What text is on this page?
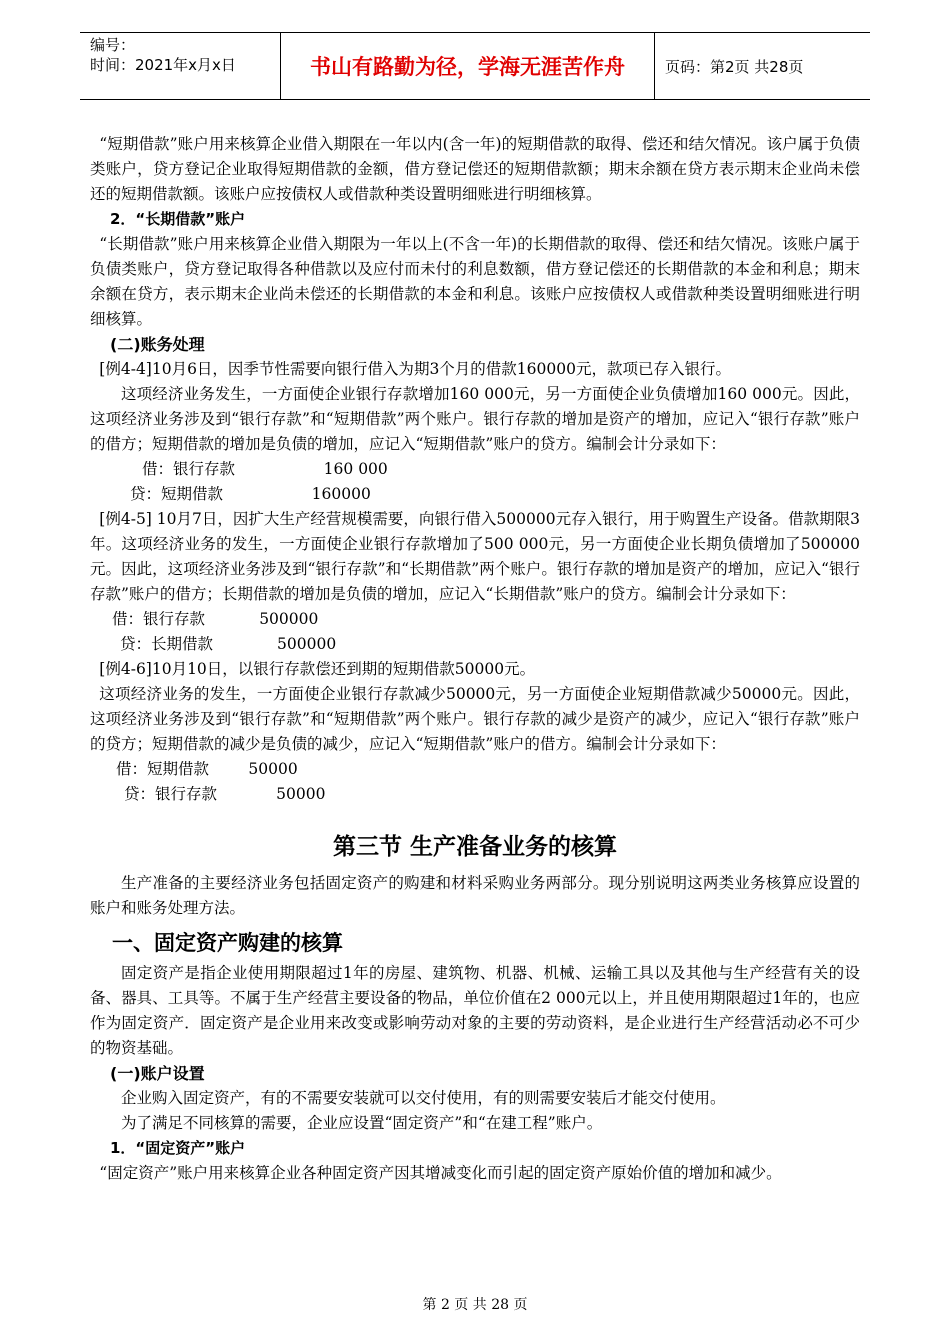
编号：
时间：2021年x月x日	书山有路勤为径，学海无涯苦作舟	页码：第2页 共28页

“短期借款”账户用来核算企业借入期限在一年以内(含一年)的短期借款的取得、偿还和结欠情况。该户属于负债类账户，贷方登记企业取得短期借款的金额，借方登记偿还的短期借款额；期末余额在贷方表示期末企业尚未偿还的短期借款额。该账户应按债权人或借款种类设置明细账进行明细核算。

2．“长期借款”账户

“长期借款”账户用来核算企业借入期限为一年以上(不含一年)的长期借款的取得、偿还和结欠情况。该账户属于负债类账户，贷方登记取得各种借款以及应付而未付的利息数额，借方登记偿还的长期借款的本金和利息；期末余额在贷方，表示期末企业尚未偿还的长期借款的本金和利息。该账户应按债权人或借款种类设置明细账进行明细核算。

(二)账务处理

[例4-4]10月6日，因季节性需要向银行借入为期3个月的借款160000元，款项已存入银行。

这项经济业务发生，一方面使企业银行存款增加160 000元，另一方面使企业负债增加160 000元。因此，这项经济业务涉及到“银行存款”和“短期借款”两个账户。银行存款的增加是资产的增加，应记入“银行存款”账户的借方；短期借款的增加是负债的增加，应记入“短期借款”账户的贷方。编制会计分录如下：

借：银行存款                  160 000

贷：短期借款                  160000

[例4-5] 10月7日，因扩大生产经营规模需要，向银行借入500000元存入银行，用于购置生产设备。借款期限3年。这项经济业务的发生，一方面使企业银行存款增加了500 000元，另一方面使企业长期负债增加了500000元。因此，这项经济业务涉及到“银行存款”和“长期借款”两个账户。银行存款的增加是资产的增加，应记入“银行存款”账户的借方；长期借款的增加是负债的增加，应记入“长期借款”账户的贷方。编制会计分录如下：

借：银行存款           500000

贷：长期借款             500000

[例4-6]10月10日，以银行存款偿还到期的短期借款50000元。

这项经济业务的发生，一方面使企业银行存款减少50000元，另一方面使企业短期借款减少50000元。因此，这项经济业务涉及到“银行存款”和“短期借款”两个账户。银行存款的减少是资产的减少，应记入“银行存款”账户的贷方；短期借款的减少是负债的减少，应记入“短期借款”账户的借方。编制会计分录如下：

借：短期借款        50000

贷：银行存款            50000

第三节 生产准备业务的核算

生产准备的主要经济业务包括固定资产的购建和材料采购业务两部分。现分别说明这两类业务核算应设置的账户和账务处理方法。

一、固定资产购建的核算

固定资产是指企业使用期限超过1年的房屋、建筑物、机器、机械、运输工具以及其他与生产经营有关的设备、器具、工具等。不属于生产经营主要设备的物品，单位价值在2 000元以上，并且使用期限超过1年的，也应作为固定资产．固定资产是企业用来改变或影响劳动对象的主要的劳动资料，是企业进行生产经营活动必不可少的物资基础。

(一)账户设置

企业购入固定资产，有的不需要安装就可以交付使用，有的则需要安装后才能交付使用。

为了满足不同核算的需要，企业应设置“固定资产”和“在建工程”账户。

1．“固定资产”账户

“固定资产”账户用来核算企业各种固定资产因其增减变化而引起的固定资产原始价值的增加和减少。

第 2 页 共 28 页
